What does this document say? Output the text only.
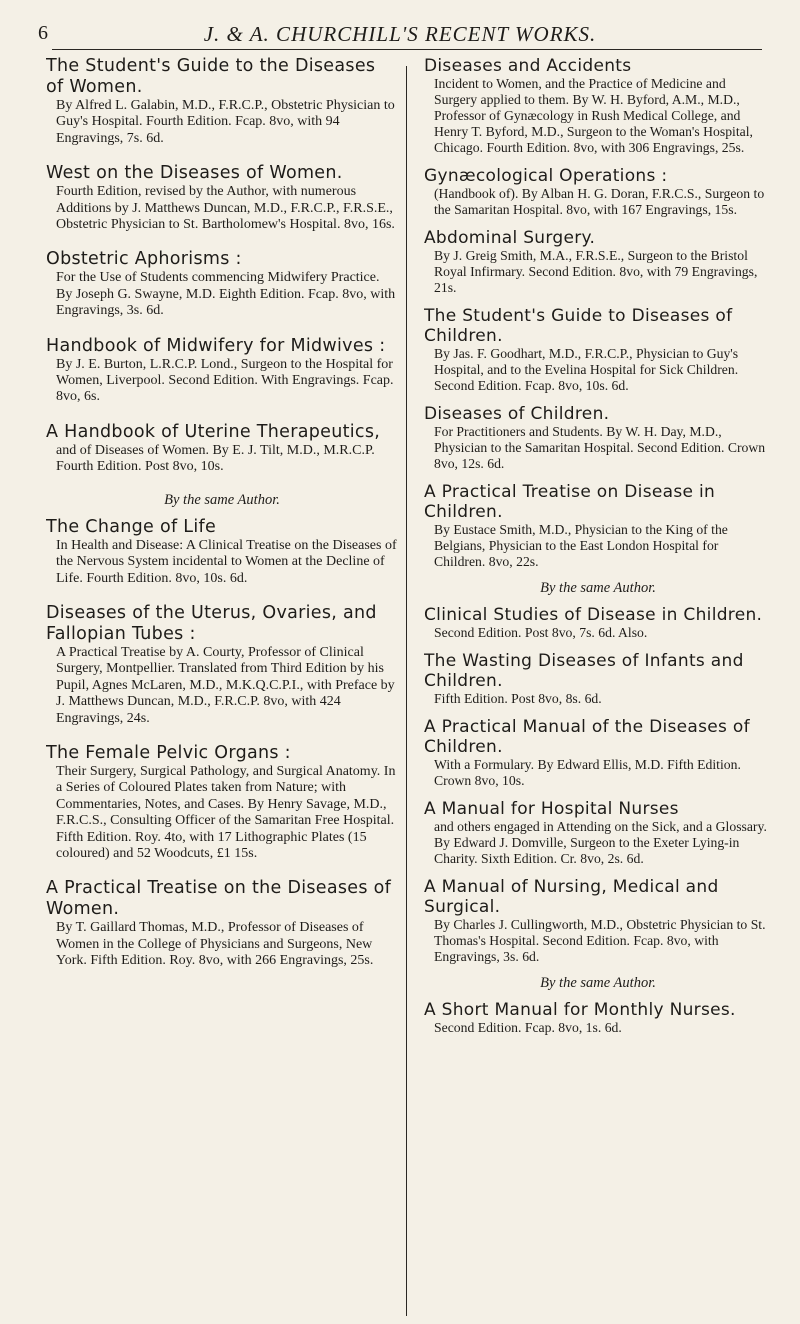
6	J. & A. CHURCHILL'S RECENT WORKS.

The Student's Guide to the Diseases of Women.

By Alfred L. Galabin, M.D., F.R.C.P., Obstetric Physician to Guy's Hospital. Fourth Edition. Fcap. 8vo, with 94 Engravings, 7s. 6d.

West on the Diseases of Women.

Fourth Edition, revised by the Author, with numerous Additions by J. Matthews Duncan, M.D., F.R.C.P., F.R.S.E., Obstetric Physician to St. Bartholomew's Hospital. 8vo, 16s.

Obstetric Aphorisms :

For the Use of Students commencing Midwifery Practice. By Joseph G. Swayne, M.D. Eighth Edition. Fcap. 8vo, with Engravings, 3s. 6d.

Handbook of Midwifery for Midwives :

By J. E. Burton, L.R.C.P. Lond., Surgeon to the Hospital for Women, Liverpool. Second Edition. With Engravings. Fcap. 8vo, 6s.

A Handbook of Uterine Therapeutics,

and of Diseases of Women. By E. J. Tilt, M.D., M.R.C.P. Fourth Edition. Post 8vo, 10s.

By the same Author.

The Change of Life

In Health and Disease: A Clinical Treatise on the Diseases of the Nervous System incidental to Women at the Decline of Life. Fourth Edition. 8vo, 10s. 6d.

Diseases of the Uterus, Ovaries, and Fallopian Tubes :

A Practical Treatise by A. Courty, Professor of Clinical Surgery, Montpellier. Translated from Third Edition by his Pupil, Agnes McLaren, M.D., M.K.Q.C.P.I., with Preface by J. Matthews Duncan, M.D., F.R.C.P. 8vo, with 424 Engravings, 24s.

The Female Pelvic Organs :

Their Surgery, Surgical Pathology, and Surgical Anatomy. In a Series of Coloured Plates taken from Nature; with Commentaries, Notes, and Cases. By Henry Savage, M.D., F.R.C.S., Consulting Officer of the Samaritan Free Hospital. Fifth Edition. Roy. 4to, with 17 Lithographic Plates (15 coloured) and 52 Woodcuts, £1 15s.

A Practical Treatise on the Diseases of Women.

By T. Gaillard Thomas, M.D., Professor of Diseases of Women in the College of Physicians and Surgeons, New York. Fifth Edition. Roy. 8vo, with 266 Engravings, 25s.

Diseases and Accidents

Incident to Women, and the Practice of Medicine and Surgery applied to them. By W. H. Byford, A.M., M.D., Professor of Gynæcology in Rush Medical College, and Henry T. Byford, M.D., Surgeon to the Woman's Hospital, Chicago. Fourth Edition. 8vo, with 306 Engravings, 25s.

Gynæcological Operations :

(Handbook of). By Alban H. G. Doran, F.R.C.S., Surgeon to the Samaritan Hospital. 8vo, with 167 Engravings, 15s.

Abdominal Surgery.

By J. Greig Smith, M.A., F.R.S.E., Surgeon to the Bristol Royal Infirmary. Second Edition. 8vo, with 79 Engravings, 21s.

The Student's Guide to Diseases of Children.

By Jas. F. Goodhart, M.D., F.R.C.P., Physician to Guy's Hospital, and to the Evelina Hospital for Sick Children. Second Edition. Fcap. 8vo, 10s. 6d.

Diseases of Children.

For Practitioners and Students. By W. H. Day, M.D., Physician to the Samaritan Hospital. Second Edition. Crown 8vo, 12s. 6d.

A Practical Treatise on Disease in Children.

By Eustace Smith, M.D., Physician to the King of the Belgians, Physician to the East London Hospital for Children. 8vo, 22s.

By the same Author.

Clinical Studies of Disease in Children.

Second Edition. Post 8vo, 7s. 6d. Also.

The Wasting Diseases of Infants and Children.

Fifth Edition. Post 8vo, 8s. 6d.

A Practical Manual of the Diseases of Children.

With a Formulary. By Edward Ellis, M.D. Fifth Edition. Crown 8vo, 10s.

A Manual for Hospital Nurses

and others engaged in Attending on the Sick, and a Glossary. By Edward J. Domville, Surgeon to the Exeter Lying-in Charity. Sixth Edition. Cr. 8vo, 2s. 6d.

A Manual of Nursing, Medical and Surgical.

By Charles J. Cullingworth, M.D., Obstetric Physician to St. Thomas's Hospital. Second Edition. Fcap. 8vo, with Engravings, 3s. 6d.

By the same Author.

A Short Manual for Monthly Nurses.

Second Edition. Fcap. 8vo, 1s. 6d.
